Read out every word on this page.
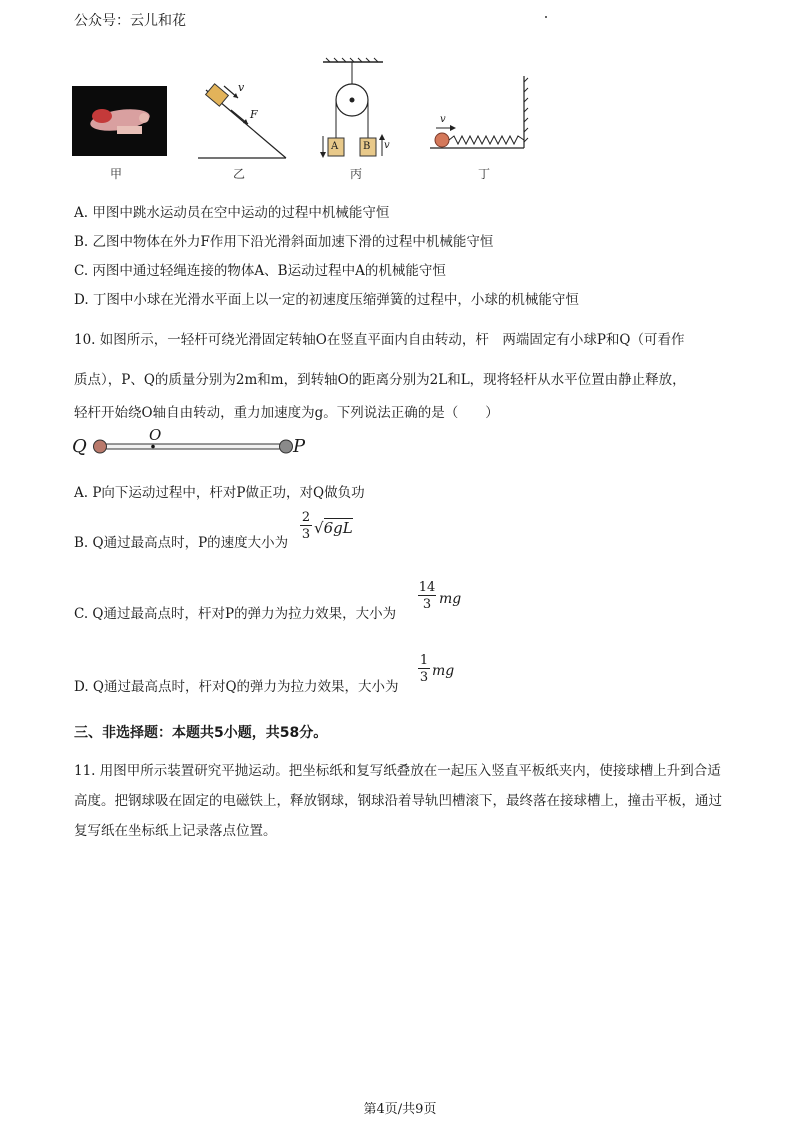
公众号：云儿和花
甲
v
F
乙
A B v
丙
v
丁
A. 甲图中跳水运动员在空中运动的过程中机械能守恒
B. 乙图中物体在外力F作用下沿光滑斜面加速下滑的过程中机械能守恒
C. 丙图中通过轻绳连接的物体A、B运动过程中A的机械能守恒
D. 丁图中小球在光滑水平面上以一定的初速度压缩弹簧的过程中，小球的机械能守恒
10. 如图所示，一轻杆可绕光滑固定转轴O在竖直平面内自由转动，杆　两端固定有小球P和Q（可看作
质点），P、Q的质量分别为2m和m，到转轴O的距离分别为2L和L，现将轻杆从水平位置由静止释放，
轻杆开始绕O轴自由转动，重力加速度为g。下列说法正确的是（　　）
Q
O
P
A. P向下运动过程中，杆对P做正功，对Q做负功
B. Q通过最高点时，P的速度大小为 $\frac{2}{3} √6gL$
C. Q通过最高点时，杆对P的弹力为拉力效果，大小为
$\frac{14}{3}$ mg
D. Q通过最高点时，杆对Q的弹力为拉力效果，大小为
$\frac{1}{3}$ mg
三、非选择题：本题共5小题，共58分。
11. 用图甲所示装置研究平抛运动。把坐标纸和复写纸叠放在一起压入竖直平板纸夹内，使接球槽上升到合适高度。把钢球吸在固定的电磁铁上，释放钢球，钢球沿着导轨凹槽滚下，最终落在接球槽上，撞击平板，通过复写纸在坐标纸上记录落点位置。
第4页/共9页
